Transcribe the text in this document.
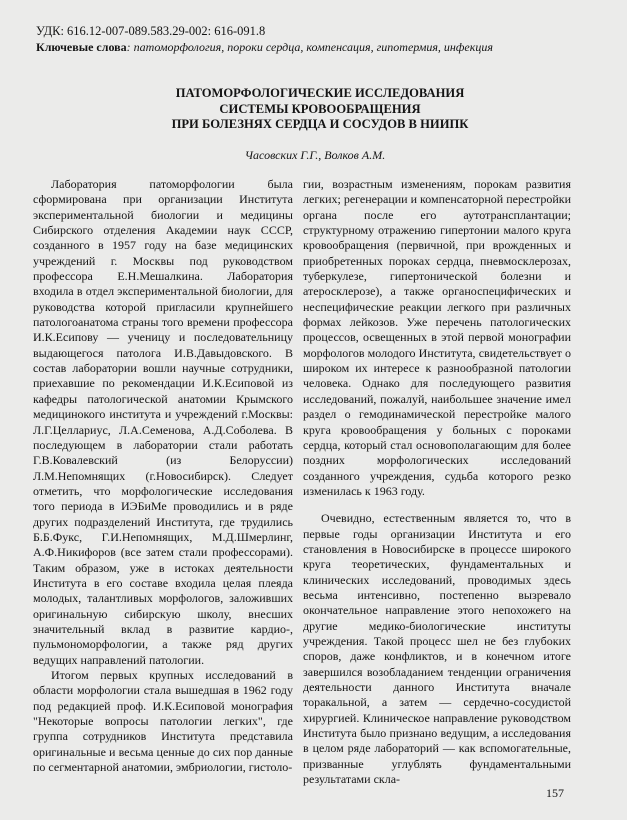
УДК: 616.12-007-089.583.29-002: 616-091.8
Ключевые слова: патоморфология, пороки сердца, компенсация, гипотермия, инфекция
ПАТОМОРФОЛОГИЧЕСКИЕ ИССЛЕДОВАНИЯ
СИСТЕМЫ КРОВООБРАЩЕНИЯ
ПРИ БОЛЕЗНЯХ СЕРДЦА И СОСУДОВ В НИИПК
Часовских Г.Г., Волков А.М.

Лаборатория патоморфологии была сформирована при организации Института экспериментальной биологии и медицины Сибирского отделения Академии наук СССР, созданного в 1957 году на базе медицинских учреждений г. Москвы под руководством профессора Е.Н.Мешалкина. Лаборатория входила в отдел экспериментальной биологии, для руководства которой пригласили крупнейшего патологоанатома страны того времени профессора И.К.Есипову — ученицу и последовательницу выдающегося патолога И.В.Давыдовского. В состав лаборатории вошли научные сотрудники, приехавшие по рекомендации И.К.Есиповой из кафедры патологической анатомии Крымского медицинокого института и учреждений г.Москвы: Л.Г.Целлариус, Л.А.Семенова, А.Д.Соболева. В последующем в лаборатории стали работать Г.В.Ковалевский (из Белоруссии) Л.М.Непомнящих (г.Новосибирск). Следует отметить, что морфологические исследования того периода в ИЭБиМе проводились и в ряде других подразделений Института, где трудились Б.Б.Фукс, Г.И.Непомнящих, М.Д.Шмерлинг, А.Ф.Никифоров (все затем стали профессорами). Таким образом, уже в истоках деятельности Института в его составе входила целая плеяда молодых, талантливых морфологов, заложивших оригинальную сибирскую школу, внесших значительный вклад в развитие кардио-, пульмономорфологии, а также ряд других ведущих направлений патологии.

Итогом первых крупных исследований в области морфологии стала вышедшая в 1962 году под редакцией проф. И.К.Есиповой монография "Некоторые вопросы патологии легких", где группа сотрудников Института представила оригинальные и весьма ценные до сих пор данные по сегментарной анатомии, эмбриологии, гистоло-

гии, возрастным изменениям, порокам развития легких; регенерации и компенсаторной перестройки органа после его аутотрансплантации; структурному отражению гипертонии малого круга кровообращения (первичной, при врожденных и приобретенных пороках сердца, пневмосклерозах, туберкулезе, гипертонической болезни и атеросклерозе), а также органоспецифических и неспецифические реакции легкого при различных формах лейкозов. Уже перечень патологических процессов, освещенных в этой первой монографии морфологов молодого Института, свидетельствует о широком их интересе к разнообразной патологии человека. Однако для последующего развития исследований, пожалуй, наибольшее значение имел раздел о гемодинамической перестройке малого круга кровообращения у больных с пороками сердца, который стал основополагающим для более поздних морфологических исследований созданного учреждения, судьба которого резко изменилась к 1963 году.

Очевидно, естественным является то, что в первые годы организации Института и его становления в Новосибирске в процессе широкого круга теоретических, фундаментальных и клинических исследований, проводимых здесь весьма интенсивно, постепенно вызревало окончательное направление этого непохожего на другие медико-биологические институты учреждения. Такой процесс шел не без глубоких споров, даже конфликтов, и в конечном итоге завершился возобладанием тенденции ограничения деятельности данного Института вначале торакальной, а затем — сердечно-сосудистой хирургией. Клиническое направление руководством Института было признано ведущим, а исследования в целом ряде лабораторий — как вспомогательные, призванные углублять фундаментальными результатами скла-

157
